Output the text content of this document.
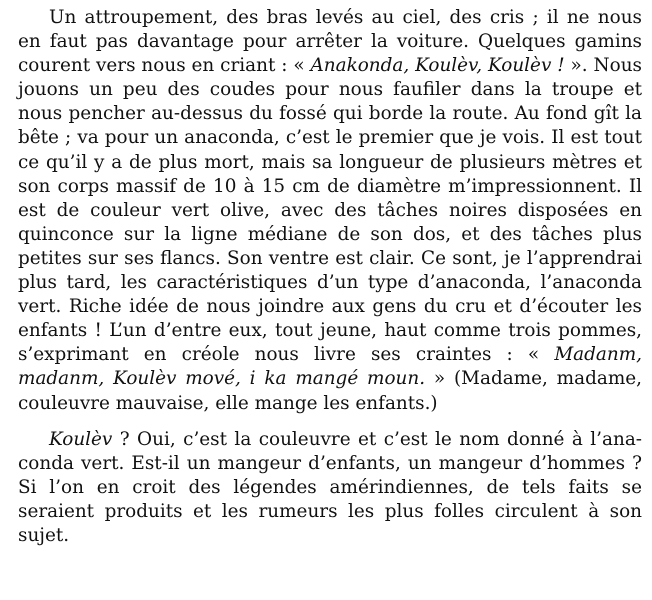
Un attroupement, des bras levés au ciel, des cris ; il ne nous en faut pas davantage pour arrêter la voiture. Quelques gamins courent vers nous en criant : « Anakonda, Koulèv, Koulèv ! ». Nous jouons un peu des coudes pour nous faufiler dans la troupe et nous pencher au-dessus du fossé qui borde la route. Au fond gît la bête ; va pour un anaconda, c’est le premier que je vois. Il est tout ce qu’il y a de plus mort, mais sa longueur de plusieurs mètres et son corps massif de 10 à 15 cm de diamètre m’impressionnent. Il est de couleur vert olive, avec des tâches noires disposées en quinconce sur la ligne médiane de son dos, et des tâches plus petites sur ses flancs. Son ventre est clair. Ce sont, je l’apprendrai plus tard, les caractéristiques d’un type d’anaconda, l’anaconda vert. Riche idée de nous joindre aux gens du cru et d’écouter les enfants ! L’un d’entre eux, tout jeune, haut comme trois pommes, s’exprimant en créole nous livre ses craintes : « Madanm, madanm, Koulèv mové, i ka mangé moun. » (Madame, madame, couleuvre mauvaise, elle mange les enfants.)

Koulèv ? Oui, c’est la couleuvre et c’est le nom donné à l’anaconda vert. Est-il un mangeur d’enfants, un mangeur d’hommes ? Si l’on en croit des légendes amérindiennes, de tels faits se seraient produits et les rumeurs les plus folles circulent à son sujet.
